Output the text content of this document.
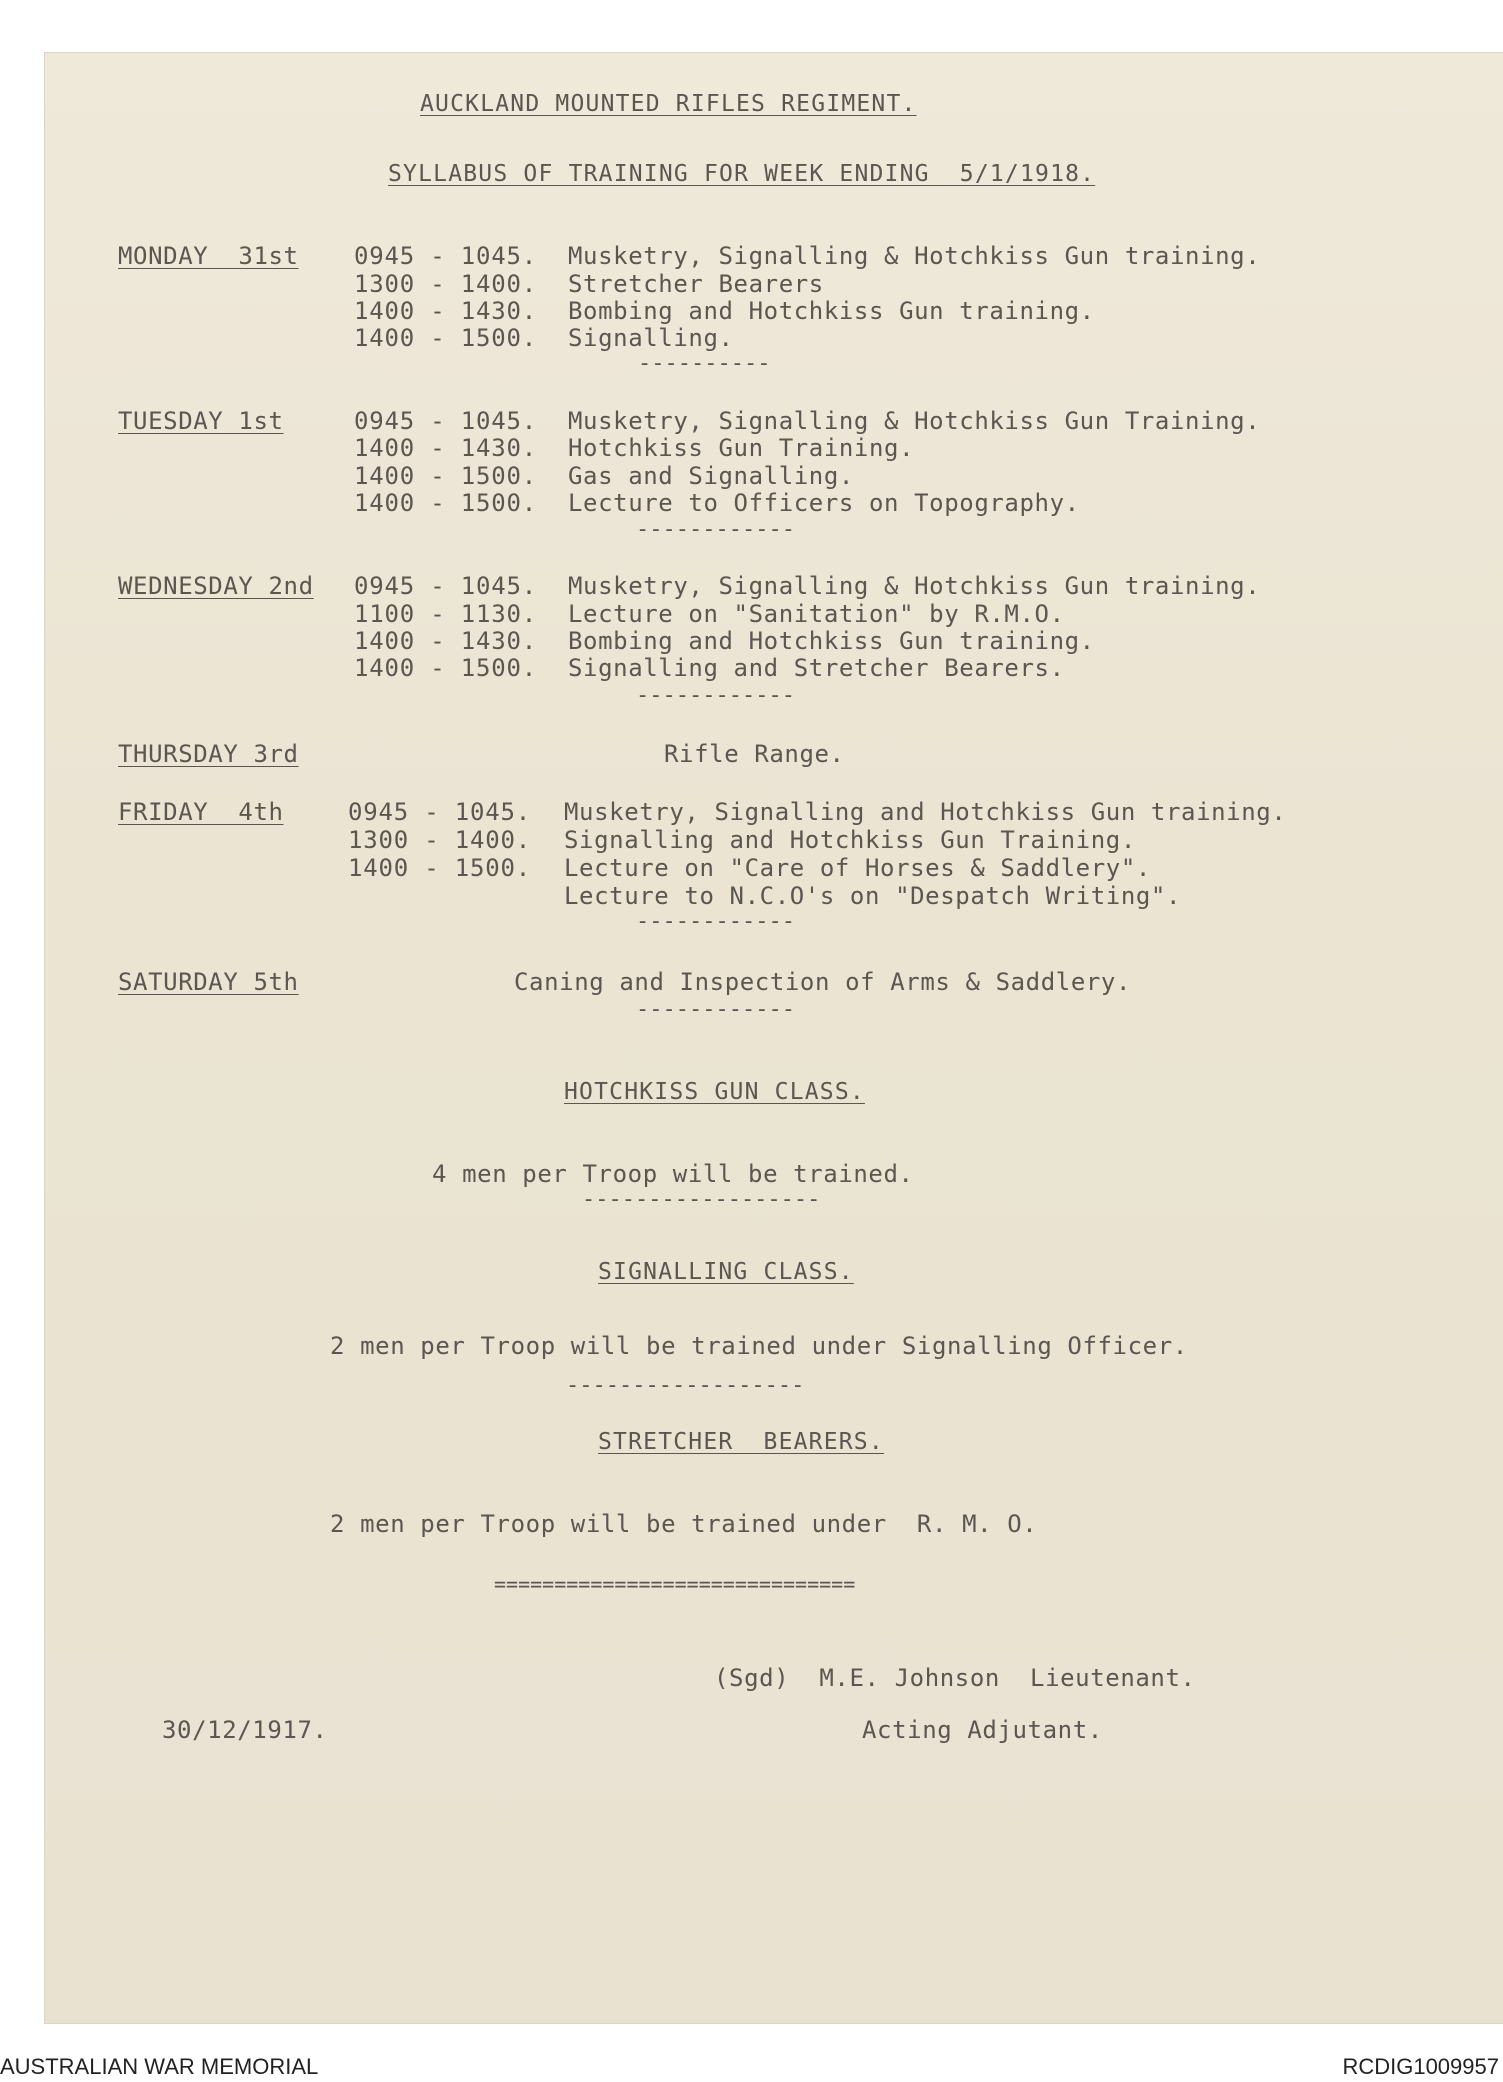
AUCKLAND MOUNTED RIFLES REGIMENT.
SYLLABUS OF TRAINING FOR WEEK ENDING  5/1/1918.
MONDAY  31st 0945 - 1045. Musketry, Signalling & Hotchkiss Gun training.
1300 - 1400. Stretcher Bearers
1400 - 1430. Bombing and Hotchkiss Gun training.
1400 - 1500. Signalling.
----------
TUESDAY 1st	0945 - 1045. Musketry, Signalling & Hotchkiss Gun Training.
1400 - 1430. Hotchkiss Gun Training.
1400 - 1500. Gas and Signalling.
1400 - 1500. Lecture to Officers on Topography.
------------
WEDNESDAY 2nd 0945 - 1045. Musketry, Signalling & Hotchkiss Gun training.
1100 - 1130. Lecture on "Sanitation" by R.M.O.
1400 - 1430. Bombing and Hotchkiss Gun training.
1400 - 1500. Signalling and Stretcher Bearers.
------------
THURSDAY 3rd	Rifle Range.
FRIDAY  4th	0945 - 1045. Musketry, Signalling and Hotchkiss Gun training.
1300 - 1400. Signalling and Hotchkiss Gun Training.
1400 - 1500. Lecture on "Care of Horses & Saddlery".
Lecture to N.C.O's on "Despatch Writing".
------------
SATURDAY 5th	Caning and Inspection of Arms & Saddlery.
------------
HOTCHKISS GUN CLASS.
4 men per Troop will be trained.
------------------
SIGNALLING CLASS.
2 men per Troop will be trained under Signalling Officer.
------------------
STRETCHER  BEARERS.
2 men per Troop will be trained under  R. M. O.
==============================
(Sgd)  M.E. Johnson  Lieutenant.
Acting Adjutant.
30/12/1917.
AUSTRALIAN WAR MEMORIAL	RCDIG1009957
